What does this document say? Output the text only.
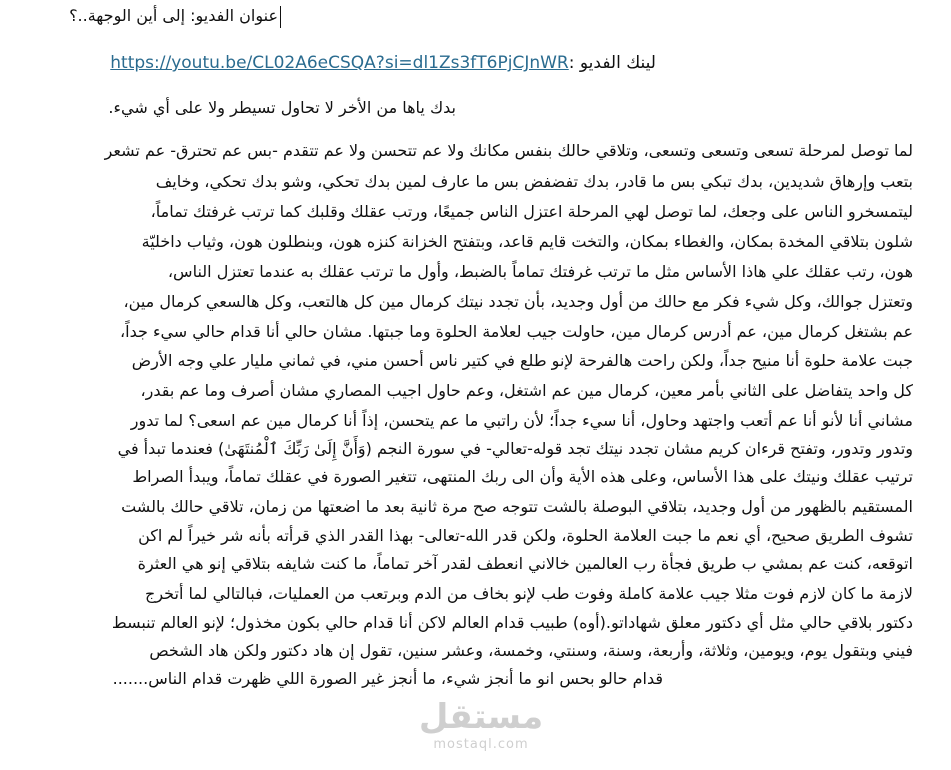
عنوان الفديو: إلى أين الوجهة..؟
لينك الفديو :https://youtu.be/CL02A6eCSQA?si=dl1Zs3fT6PjCJnWR
بدك ياها من الأخر لا تحاول تسيطر ولا على أي شيء.
لما توصل لمرحلة تسعى وتسعى وتسعى، وتلاقي حالك بنفس مكانك ولا عم تتحسن ولا عم تتقدم -بس عم تحترق- عم تشعر
بتعب وإرهاق شديدين، بدك تبكي بس ما قادر، بدك تفضفض بس ما عارف لمين بدك تحكي، وشو بدك تحكي، وخايف
ليتمسخرو الناس على وجعك، لما توصل لهي المرحلة اعتزل الناس جميعًا، ورتب عقلك وقلبك كما ترتب غرفتك تماماً،
شلون بتلاقي المخدة بمكان، والغطاء بمكان، والتخت قايم قاعد، وبتفتح الخزانة كنزه هون، وبنطلون هون، وثياب داخليّة
هون، رتب عقلك علي هاذا الأساس مثل ما ترتب غرفتك تماماً بالضبط، وأول ما ترتب عقلك به عندما تعتزل الناس،
وتعتزل جوالك، وكل شيء فكر مع حالك من أول وجديد، بأن تجدد نيتك كرمال مين كل هالتعب، وكل هالسعي كرمال مين،
عم بشتغل كرمال مين، عم أدرس كرمال مين، حاولت جيب لعلامة الحلوة وما جبتها. مشان حالي أنا قدام حالي سيء جداً،
جبت علامة حلوة أنا منيح جداً، ولكن راحت هالفرحة لإنو طلع في كتير ناس أحسن مني، في ثماني مليار علي وجه الأرض
كل واحد يتفاضل على الثاني بأمر معين، كرمال مين عم اشتغل، وعم حاول اجيب المصاري مشان أصرف وما عم بقدر،
مشاني أنا لأنو أنا عم أتعب واجتهد وحاول، أنا سيء جداً؛ لأن راتبي ما عم يتحسن، إذاً أنا كرمال مين عم اسعى؟ لما تدور
وتدور وتدور، وتفتح قرءان كريم مشان تجدد نيتك تجد قوله-تعالي- في سورة النجم (وَأَنَّ إِلَىٰ رَبِّكَ ٱلْمُنتَهَىٰ) فعندما تبدأ في
ترتيب عقلك ونيتك على هذا الأساس، وعلى هذه الأية وأن الى ربك المنتهى، تتغير الصورة في عقلك تماماً، ويبدأ الصراط
المستقيم بالظهور من أول وجديد، بتلاقي البوصلة بالشت تتوجه صح مرة ثانية بعد ما اضعتها من زمان، تلاقي حالك بالشت
تشوف الطريق صحيح، أي نعم ما جبت العلامة الحلوة، ولكن قدر الله-تعالى- بهذا القدر الذي قرأته بأنه شر خيراً لم اكن
اتوقعه، كنت عم بمشي ب طريق فجأة رب العالمين خالاني انعطف لقدر آخر تماماً، ما كنت شايفه بتلاقي إنو هي العثرة
لازمة ما كان لازم فوت مثلا جيب علامة كاملة وفوت طب لإنو بخاف من الدم وبرتعب من العمليات، فبالتالي لما أتخرج
دكتور بلاقي حالي مثل أي دكتور معلق شهاداتو.(أوه) طبيب قدام العالم لاكن أنا قدام حالي بكون مخذول؛ لإنو العالم تنبسط
فيني وبتقول يوم، ويومين، وثلاثة، وأربعة، وسنة، وسنتي، وخمسة، وعشر سنين، تقول إن هاد دكتور ولكن هاد الشخص
قدام حالو بحس انو ما أنجز شيء، ما أنجز غير الصورة اللي ظهرت قدام الناس.......
مستقل
mostaql.com
